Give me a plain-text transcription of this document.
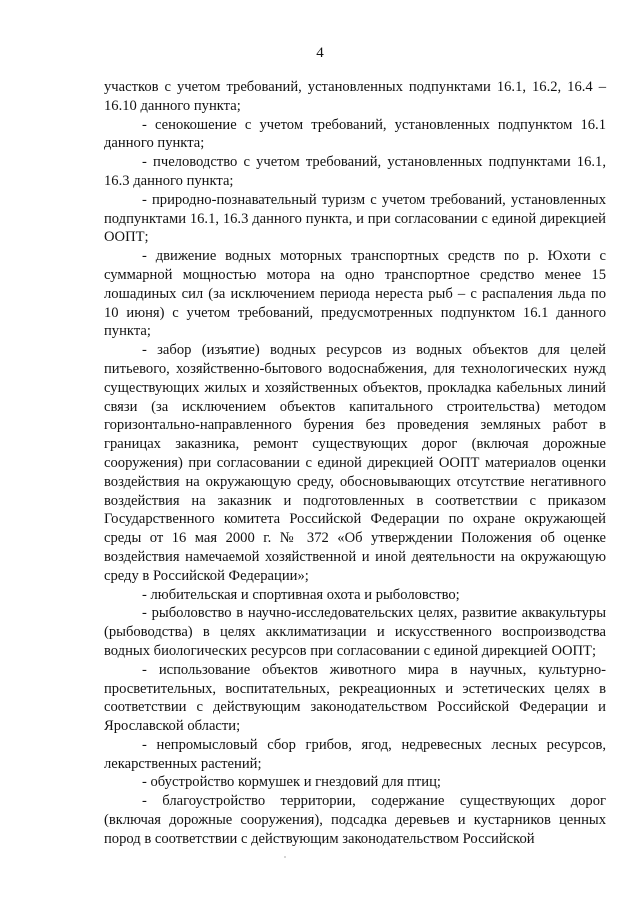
4

участков с учетом требований, установленных подпунктами 16.1, 16.2, 16.4 – 16.10 данного пункта;

- сенокошение с учетом требований, установленных подпунктом 16.1 данного пункта;

- пчеловодство с учетом требований, установленных подпунктами 16.1, 16.3 данного пункта;

- природно-познавательный туризм с учетом требований, установленных подпунктами 16.1, 16.3 данного пункта, и при согласовании с единой дирекцией ООПТ;

- движение водных моторных транспортных средств по р. Юхоти с суммарной мощностью мотора на одно транспортное средство менее 15 лошадиных сил (за исключением периода нереста рыб – с распаления льда по 10 июня) с учетом требований, предусмотренных подпунктом 16.1 данного пункта;

- забор (изъятие) водных ресурсов из водных объектов для целей питьевого, хозяйственно-бытового водоснабжения, для технологических нужд существующих жилых и хозяйственных объектов, прокладка кабельных линий связи (за исключением объектов капитального строительства) методом горизонтально-направленного бурения без проведения земляных работ в границах заказника, ремонт существующих дорог (включая дорожные сооружения) при согласовании с единой дирекцией ООПТ материалов оценки воздействия на окружающую среду, обосновывающих отсутствие негативного воздействия на заказник и подготовленных в соответствии с приказом Государственного комитета Российской Федерации по охране окружающей среды от 16 мая 2000 г. № 372 «Об утверждении Положения об оценке воздействия намечаемой хозяйственной и иной деятельности на окружающую среду в Российской Федерации»;

- любительская и спортивная охота и рыболовство;

- рыболовство в научно-исследовательских целях, развитие аквакультуры (рыбоводства) в целях акклиматизации и искусственного воспроизводства водных биологических ресурсов при согласовании с единой дирекцией ООПТ;

- использование объектов животного мира в научных, культурно-просветительных, воспитательных, рекреационных и эстетических целях в соответствии с действующим законодательством Российской Федерации и Ярославской области;

- непромысловый сбор грибов, ягод, недревесных лесных ресурсов, лекарственных растений;

- обустройство кормушек и гнездовий для птиц;

- благоустройство территории, содержание существующих дорог (включая дорожные сооружения), подсадка деревьев и кустарников ценных пород в соответствии с действующим законодательством Российской
